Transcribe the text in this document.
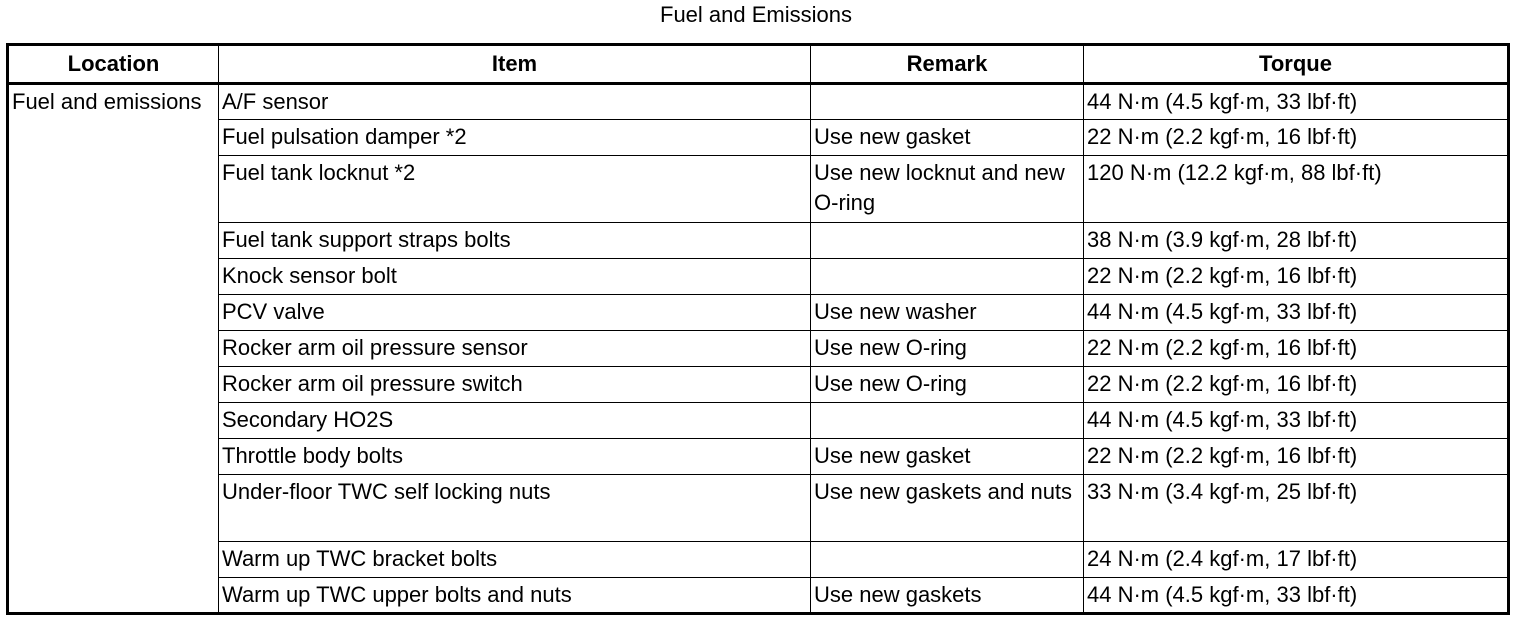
Fuel and Emissions
Location	Item	Remark	Torque
Fuel and emissions	A/F sensor		44 N·m (4.5 kgf·m, 33 lbf·ft)
	Fuel pulsation damper *2	Use new gasket	22 N·m (2.2 kgf·m, 16 lbf·ft)
	Fuel tank locknut *2	Use new locknut and new O-ring	120 N·m (12.2 kgf·m, 88 lbf·ft)
	Fuel tank support straps bolts		38 N·m (3.9 kgf·m, 28 lbf·ft)
	Knock sensor bolt		22 N·m (2.2 kgf·m, 16 lbf·ft)
	PCV valve	Use new washer	44 N·m (4.5 kgf·m, 33 lbf·ft)
	Rocker arm oil pressure sensor	Use new O-ring	22 N·m (2.2 kgf·m, 16 lbf·ft)
	Rocker arm oil pressure switch	Use new O-ring	22 N·m (2.2 kgf·m, 16 lbf·ft)
	Secondary HO2S		44 N·m (4.5 kgf·m, 33 lbf·ft)
	Throttle body bolts	Use new gasket	22 N·m (2.2 kgf·m, 16 lbf·ft)
	Under-floor TWC self locking nuts	Use new gaskets and nuts	33 N·m (3.4 kgf·m, 25 lbf·ft)
	Warm up TWC bracket bolts		24 N·m (2.4 kgf·m, 17 lbf·ft)
	Warm up TWC upper bolts and nuts	Use new gaskets	44 N·m (4.5 kgf·m, 33 lbf·ft)
